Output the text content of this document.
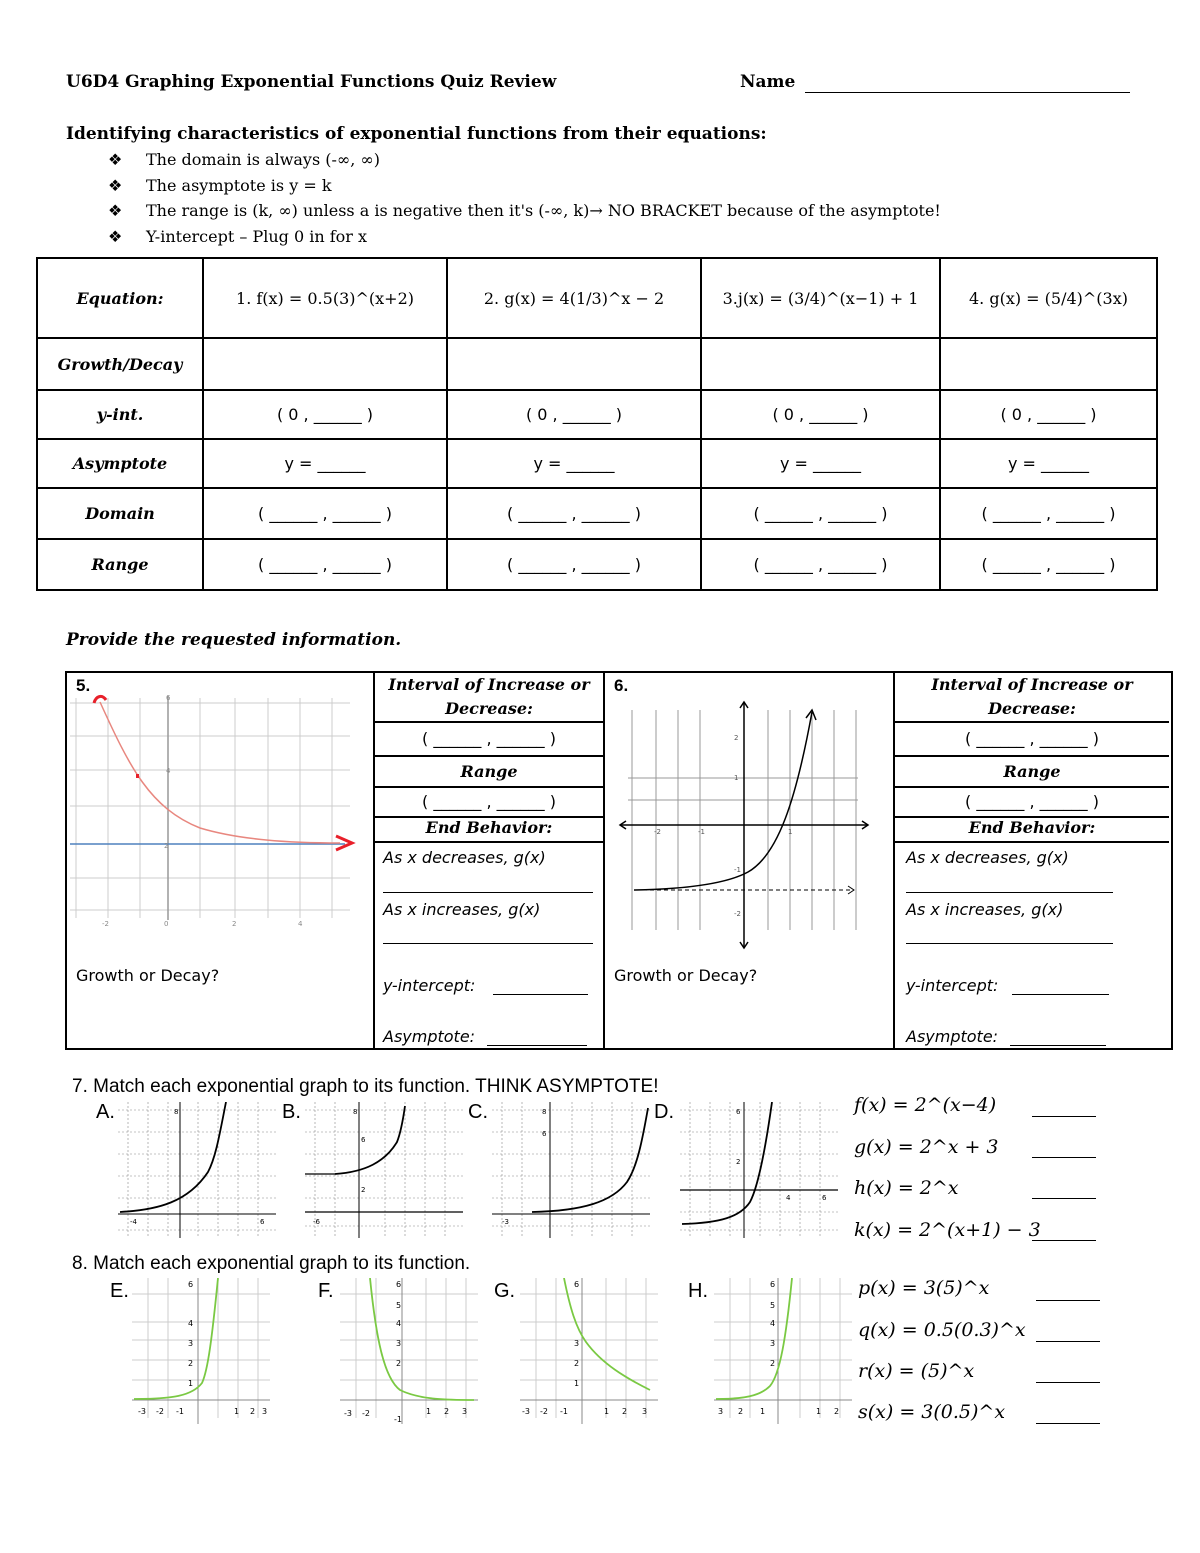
U6D4 Graphing Exponential Functions Quiz Review	Name
Identifying characteristics of exponential functions from their equations:
❖ The domain is always (-∞, ∞)
❖ The asymptote is y = k
❖ The range is (k, ∞) unless a is negative then it's (-∞, k)→ NO BRACKET because of the asymptote!
❖ Y-intercept – Plug 0 in for x
Equation:	1. f(x) = 0.5(3)^(x+2)	2. g(x) = 4(1/3)^x − 2	3.j(x) = (3/4)^(x−1) + 1	4. g(x) = (5/4)^(3x)
Growth/Decay				
y-int.	( 0 , ______ )	( 0 , ______ )	( 0 , ______ )	( 0 , ______ )
Asymptote	y = ______	y = ______	y = ______	y = ______
Domain	( ______ , ______ )	( ______ , ______ )	( ______ , ______ )	( ______ , ______ )
Range	( ______ , ______ )	( ______ , ______ )	( ______ , ______ )	( ______ , ______ )
Provide the requested information.
5.
6
4
2
-2	0	2	4
Growth or Decay?
Interval of Increase or Decrease:
( ______ , ______ )
Range
( ______ , ______ )
End Behavior:
As x decreases, g(x)
As x increases, g(x)
y-intercept:
Asymptote:
6.
2
1
-2	-1	1
-1
-2
Growth or Decay?
Interval of Increase or Decrease:
( ______ , ______ )
Range
( ______ , ______ )
End Behavior:
As x decreases, g(x)
As x increases, g(x)
y-intercept:
Asymptote:
7. Match each exponential graph to its function. THINK ASYMPTOTE!
A.	B.	C.	D.
8
-4	6
8
6
2
-6
8
6
-3
6
2
4	6
f(x) = 2^(x−4)
g(x) = 2^x + 3
h(x) = 2^x
k(x) = 2^(x+1) − 3
8. Match each exponential graph to its function.
E.	F.	G.	H.
6
4
3
2
1
-3 -2 -1	1 2 3
6
5
4
3
2
-3 -2
-1
1 2 3
6
3
2
1
-3 -2 -1	1 2 3
6
5
4
3
2
3 2 1	1 2
p(x) = 3(5)^x
q(x) = 0.5(0.3)^x
r(x) = (5)^x
s(x) = 3(0.5)^x
